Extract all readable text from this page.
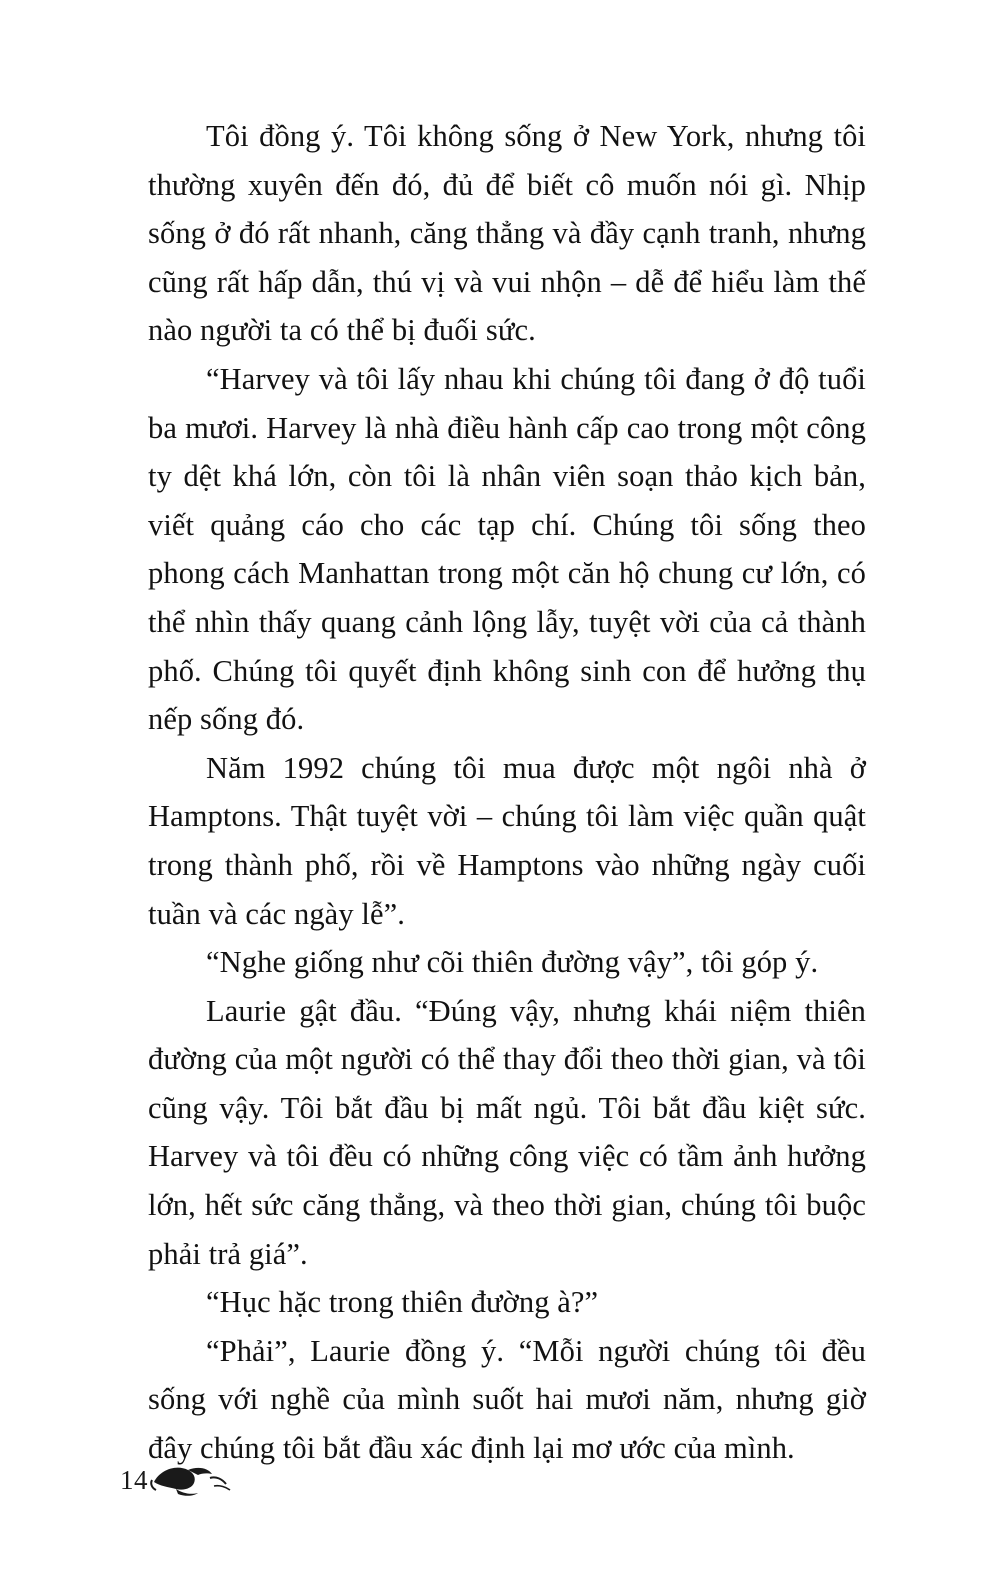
Tôi đồng ý. Tôi không sống ở New York, nhưng tôi thường xuyên đến đó, đủ để biết cô muốn nói gì. Nhịp sống ở đó rất nhanh, căng thẳng và đầy cạnh tranh, nhưng cũng rất hấp dẫn, thú vị và vui nhộn – dễ để hiểu làm thế nào người ta có thể bị đuối sức.

“Harvey và tôi lấy nhau khi chúng tôi đang ở độ tuổi ba mươi. Harvey là nhà điều hành cấp cao trong một công ty dệt khá lớn, còn tôi là nhân viên soạn thảo kịch bản, viết quảng cáo cho các tạp chí. Chúng tôi sống theo phong cách Manhattan trong một căn hộ chung cư lớn, có thể nhìn thấy quang cảnh lộng lẫy, tuyệt vời của cả thành phố. Chúng tôi quyết định không sinh con để hưởng thụ nếp sống đó.

Năm 1992 chúng tôi mua được một ngôi nhà ở Hamptons. Thật tuyệt vời – chúng tôi làm việc quần quật trong thành phố, rồi về Hamptons vào những ngày cuối tuần và các ngày lễ”.

“Nghe giống như cõi thiên đường vậy”, tôi góp ý.

Laurie gật đầu. “Đúng vậy, nhưng khái niệm thiên đường của một người có thể thay đổi theo thời gian, và tôi cũng vậy. Tôi bắt đầu bị mất ngủ. Tôi bắt đầu kiệt sức. Harvey và tôi đều có những công việc có tầm ảnh hưởng lớn, hết sức căng thẳng, và theo thời gian, chúng tôi buộc phải trả giá”.

“Hục hặc trong thiên đường à?”

“Phải”, Laurie đồng ý. “Mỗi người chúng tôi đều sống với nghề của mình suốt hai mươi năm, nhưng giờ đây chúng tôi bắt đầu xác định lại mơ ước của mình.

14
